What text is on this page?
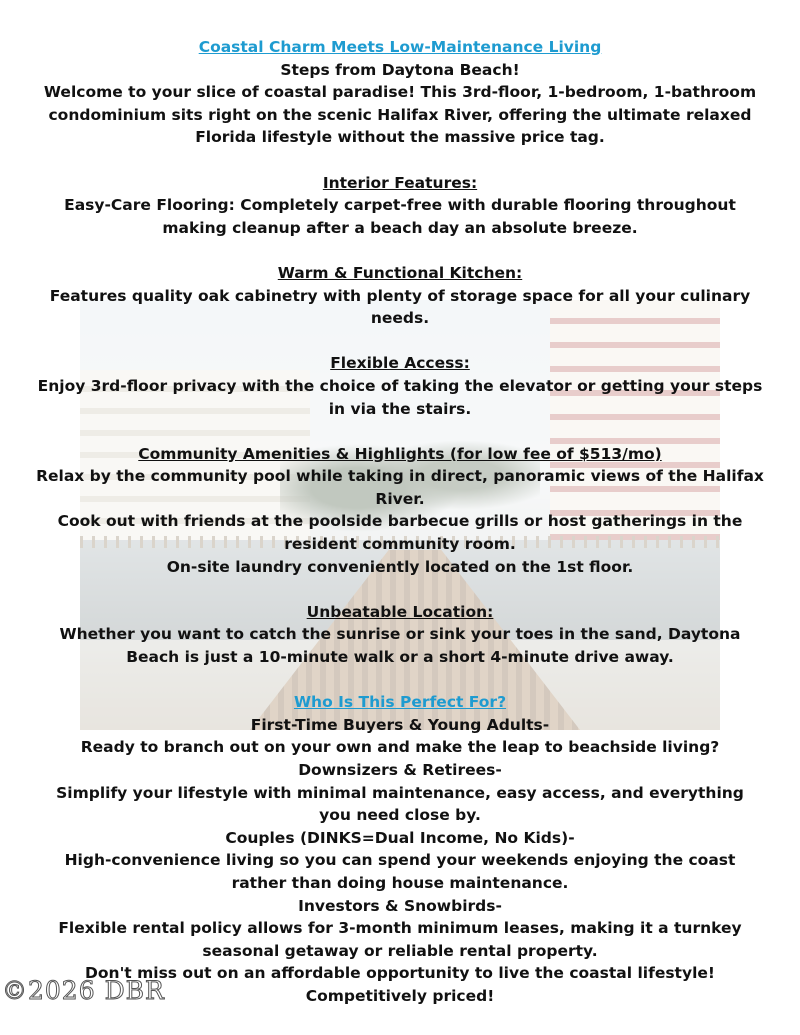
Coastal Charm Meets Low-Maintenance Living

Steps from Daytona Beach!

Welcome to your slice of coastal paradise! This 3rd-floor, 1-bedroom, 1-bathroom

condominium sits right on the scenic Halifax River, offering the ultimate relaxed

Florida lifestyle without the massive price tag.

Interior Features:

Easy-Care Flooring: Completely carpet-free with durable flooring throughout

making cleanup after a beach day an absolute breeze.

Warm & Functional Kitchen:

Features quality oak cabinetry with plenty of storage space for all your culinary

needs.

Flexible Access:

Enjoy 3rd-floor privacy with the choice of taking the elevator or getting your steps

in via the stairs.

Community Amenities & Highlights (for low fee of $513/mo)

Relax by the community pool while taking in direct, panoramic views of the Halifax

River.

Cook out with friends at the poolside barbecue grills or host gatherings in the

resident community room.

On-site laundry conveniently located on the 1st floor.

Unbeatable Location:

Whether you want to catch the sunrise or sink your toes in the sand, Daytona

Beach is just a 10-minute walk or a short 4-minute drive away.

Who Is This Perfect For?

First-Time Buyers & Young Adults-

Ready to branch out on your own and make the leap to beachside living?

Downsizers & Retirees-

Simplify your lifestyle with minimal maintenance, easy access, and everything

you need close by.

Couples (DINKS=Dual Income, No Kids)-

High-convenience living so you can spend your weekends enjoying the coast

rather than doing house maintenance.

Investors & Snowbirds-

Flexible rental policy allows for 3-month minimum leases, making it a turnkey

seasonal getaway or reliable rental property.

Don't miss out on an affordable opportunity to live the coastal lifestyle!

Competitively priced!

©2026 DBR
